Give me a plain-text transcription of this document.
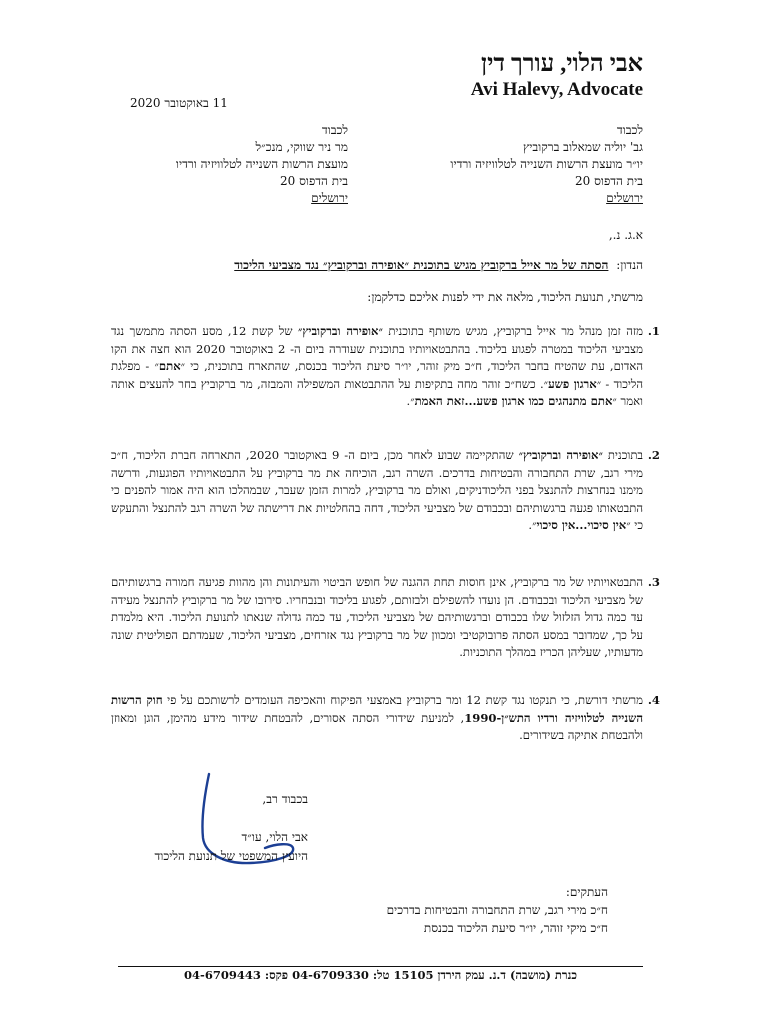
אבי הלוי, עורך דין
Avi Halevy, Advocate
11 באוקטובר 2020
לכבוד
גב' יוליה שמאלוב ברקוביץ
יו״ר מועצת הרשות השנייה לטלוויזיה ורדיו
בית הדפוס 20
ירושלים
לכבוד
מר ניר שווקי, מנכ״ל
מועצת הרשות השנייה לטלוויזיה ורדיו
בית הדפוס 20
ירושלים
א.ג. נ.,
הנדון: הסתה של מר אייל ברקוביץ מגיש בתוכנית ״אופירה וברקוביץ״ נגד מצביעי הליכוד
מרשתי, תנועת הליכוד, מלאה את ידי לפנות אליכם כדלקמן:
1.
מזה זמן מנהל מר אייל ברקוביץ, מגיש משותף בתוכנית ״אופירה וברקוביץ״ של קשת 12, מסע הסתה מתמשך נגד מצביעי הליכוד במטרה לפגוע בליכוד. בהתבטאויותיו בתוכנית שעודרה ביום ה- 2 באוקטובר 2020 הוא חצה את הקו האדום, עת שהטיח בחבר הליכוד, ח״כ מיק זוהר, יו״ר סיעת הליכוד בכנסת, שהתארח בתוכנית, כי ״אתם״ - מפלגת הליכוד - ״ארגון פשע״. כשח״כ זוהר מחה בתקיפות על ההתבטאות המשפילה והמבזה, מר ברקוביץ בחר להעצים אותה ואמר ״אתם מתנהגים כמו ארגון פשע...זאת האמת״.
2.
בתוכנית ״אופירה וברקוביץ״ שהתקיימה שבוע לאחר מכן, ביום ה- 9 באוקטובר 2020, התארחה חברת הליכוד, ח״כ מירי רגב, שרת התחבורה והבטיחות בדרכים. השרה רגב, הוכיחה את מר ברקוביץ על התבטאויותיו הפוגעות, ודרשה מימנו בנחרצות להתנצל בפני הליכודניקים, ואולם מר ברקוביץ, למרות הזמן שעבר, שבמהלכו הוא היה אמור להפנים כי התבטאותו פגעה ברגשותיהם ובכבודם של מצביעי הליכוד, דחה בהחלטיות את דרישתה של השרה רגב להתנצל והתעקש כי ״אין סיכוי...אין סיכוי״.
3.
התבטאויותיו של מר ברקוביץ, אינן חוסות תחת ההגנה של חופש הביטוי והעיתונות והן מהוות פגיעה חמורה ברגשותיהם של מצביעי הליכוד ובכבודם. הן נועדו להשפילם ולבזותם, לפגוע בליכוד ובנבחריו. סירובו של מר ברקוביץ להתנצל מעידה עד כמה גדול הזלזול שלו בכבודם וברגשותיהם של מצביעי הליכוד, עד כמה גדולה שנאתו לתנועת הליכוד. היא מלמדת על כך, שמדובר במסע הסתה פרובוקטיבי ומכוון של מר ברקוביץ נגד אזרחים, מצביעי הליכוד, שעמדתם הפוליטית שונה מדעותיו, שעליהן הכריז במהלך התוכניות.
4.
מרשתי דורשת, כי תנקטו נגד קשת 12 ומר ברקוביץ באמצעי הפיקוח והאכיפה העומדים לרשותכם על פי חוק הרשות השנייה לטלוויזיה ורדיו התש״ן-1990, למניעת שידורי הסתה אסורים, להבטחת שידור מידע מהימן, הוגן ומאוזן ולהבטחת אתיקה בשידורים.
בכבוד רב,

אבי הלוי, עו״ד
היועץ המשפטי של תנועת הליכוד
העתקים:
ח״כ מירי רגב, שרת התחבורה והבטיחות בדרכים
ח״כ מיקי זוהר, יו״ר סיעת הליכוד בכנסת
כנרת (מושבה) ד.נ. עמק הירדן 15105 טל: 04-6709330 פקס: 04-6709443
